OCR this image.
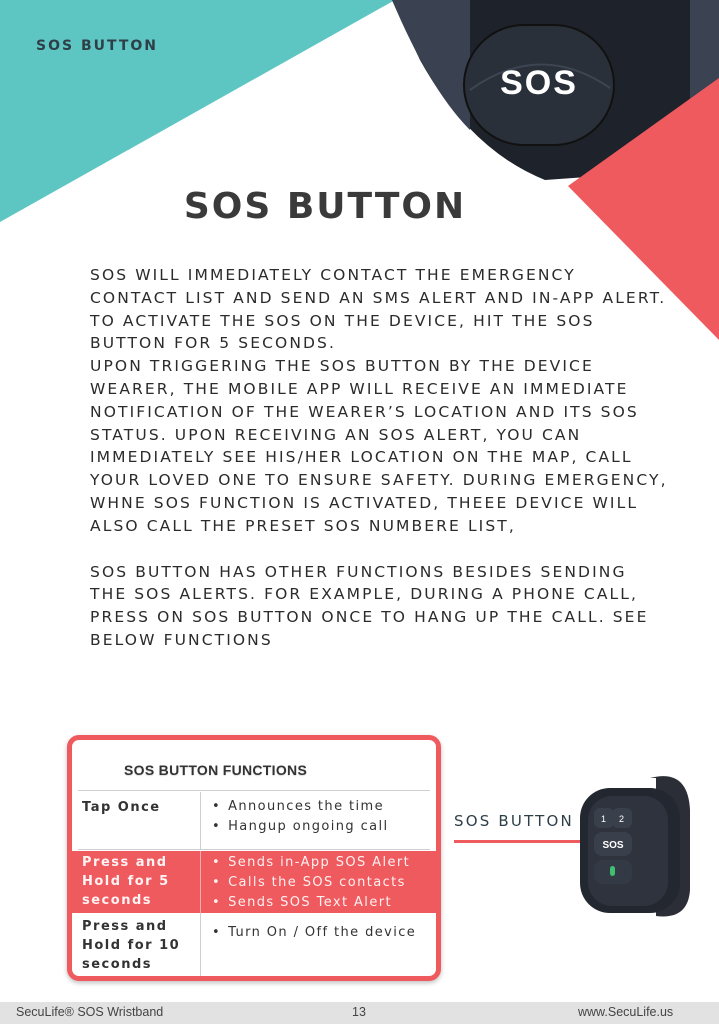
SOS
SOS BUTTON
SOS BUTTON

SOS WILL IMMEDIATELY CONTACT THE EMERGENCY CONTACT LIST AND SEND AN SMS ALERT AND IN-APP ALERT.

TO ACTIVATE THE SOS ON THE DEVICE, HIT THE SOS BUTTON FOR 5 SECONDS.

UPON TRIGGERING THE SOS BUTTON BY THE DEVICE WEARER, THE MOBILE APP WILL RECEIVE AN IMMEDIATE NOTIFICATION OF THE WEARER’S LOCATION AND ITS SOS STATUS. UPON RECEIVING AN SOS ALERT, YOU CAN IMMEDIATELY SEE HIS/HER LOCATION ON THE MAP, CALL YOUR LOVED ONE TO ENSURE SAFETY. DURING EMERGENCY, WHNE SOS FUNCTION IS ACTIVATED, THEEE DEVICE WILL ALSO CALL THE PRESET SOS NUMBERE LIST,

SOS BUTTON HAS OTHER FUNCTIONS BESIDES SENDING THE SOS ALERTS. FOR EXAMPLE, DURING A PHONE CALL, PRESS ON SOS BUTTON ONCE TO HANG UP THE CALL. SEE BELOW FUNCTIONS

SOS BUTTON FUNCTIONS
Tap Once
•	Announces the time
• Hangup ongoing call
Press and Hold for 5 seconds
• Sends in-App SOS Alert
• Calls the SOS contacts
• Sends SOS Text Alert
Press and Hold for 10 seconds
• Turn On / Off the device
SOS BUTTON	1 2
SOS
SecuLife® SOS Wristband	13	www.SecuLife.us
